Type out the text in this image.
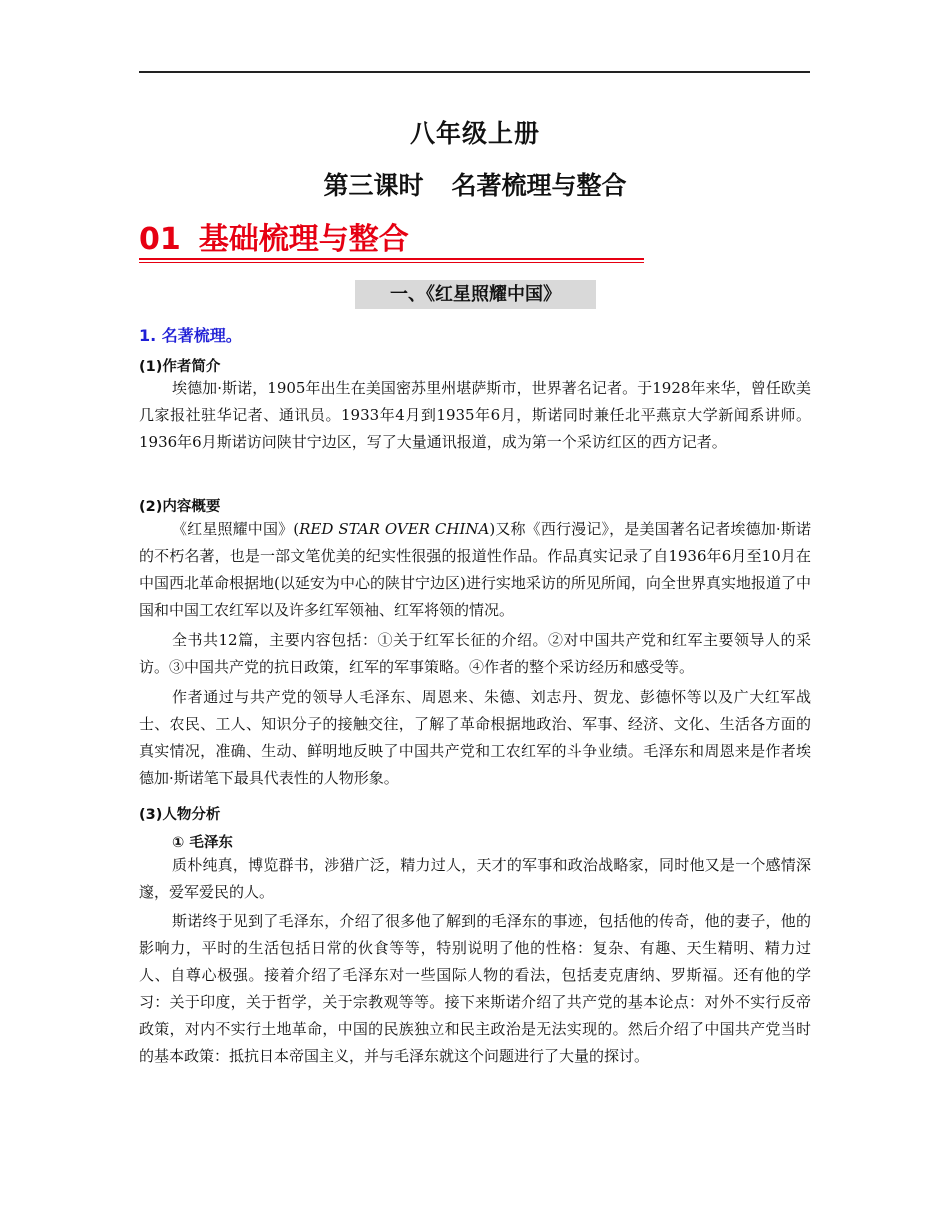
八年级上册
第三课时 名著梳理与整合
01 基础梳理与整合
一、《红星照耀中国》
1. 名著梳理。
(1)作者简介

埃德加·斯诺，1905年出生在美国密苏里州堪萨斯市，世界著名记者。于1928年来华，曾任欧美几家报社驻华记者、通讯员。1933年4月到1935年6月，斯诺同时兼任北平燕京大学新闻系讲师。1936年6月斯诺访问陕甘宁边区，写了大量通讯报道，成为第一个采访红区的西方记者。

(2)内容概要

《红星照耀中国》(RED STAR OVER CHINA)又称《西行漫记》，是美国著名记者埃德加·斯诺的不朽名著，也是一部文笔优美的纪实性很强的报道性作品。作品真实记录了自1936年6月至10月在中国西北革命根据地(以延安为中心的陕甘宁边区)进行实地采访的所见所闻，向全世界真实地报道了中国和中国工农红军以及许多红军领袖、红军将领的情况。

全书共12篇，主要内容包括：①关于红军长征的介绍。②对中国共产党和红军主要领导人的采访。③中国共产党的抗日政策，红军的军事策略。④作者的整个采访经历和感受等。

作者通过与共产党的领导人毛泽东、周恩来、朱德、刘志丹、贺龙、彭德怀等以及广大红军战士、农民、工人、知识分子的接触交往，了解了革命根据地政治、军事、经济、文化、生活各方面的真实情况，准确、生动、鲜明地反映了中国共产党和工农红军的斗争业绩。毛泽东和周恩来是作者埃德加·斯诺笔下最具代表性的人物形象。

(3)人物分析
① 毛泽东

质朴纯真，博览群书，涉猎广泛，精力过人，天才的军事和政治战略家，同时他又是一个感情深邃，爱军爱民的人。

斯诺终于见到了毛泽东，介绍了很多他了解到的毛泽东的事迹，包括他的传奇，他的妻子，他的影响力，平时的生活包括日常的伙食等等，特别说明了他的性格：复杂、有趣、天生精明、精力过人、自尊心极强。接着介绍了毛泽东对一些国际人物的看法，包括麦克唐纳、罗斯福。还有他的学习：关于印度，关于哲学，关于宗教观等等。接下来斯诺介绍了共产党的基本论点：对外不实行反帝政策，对内不实行土地革命，中国的民族独立和民主政治是无法实现的。然后介绍了中国共产党当时的基本政策：抵抗日本帝国主义，并与毛泽东就这个问题进行了大量的探讨。
